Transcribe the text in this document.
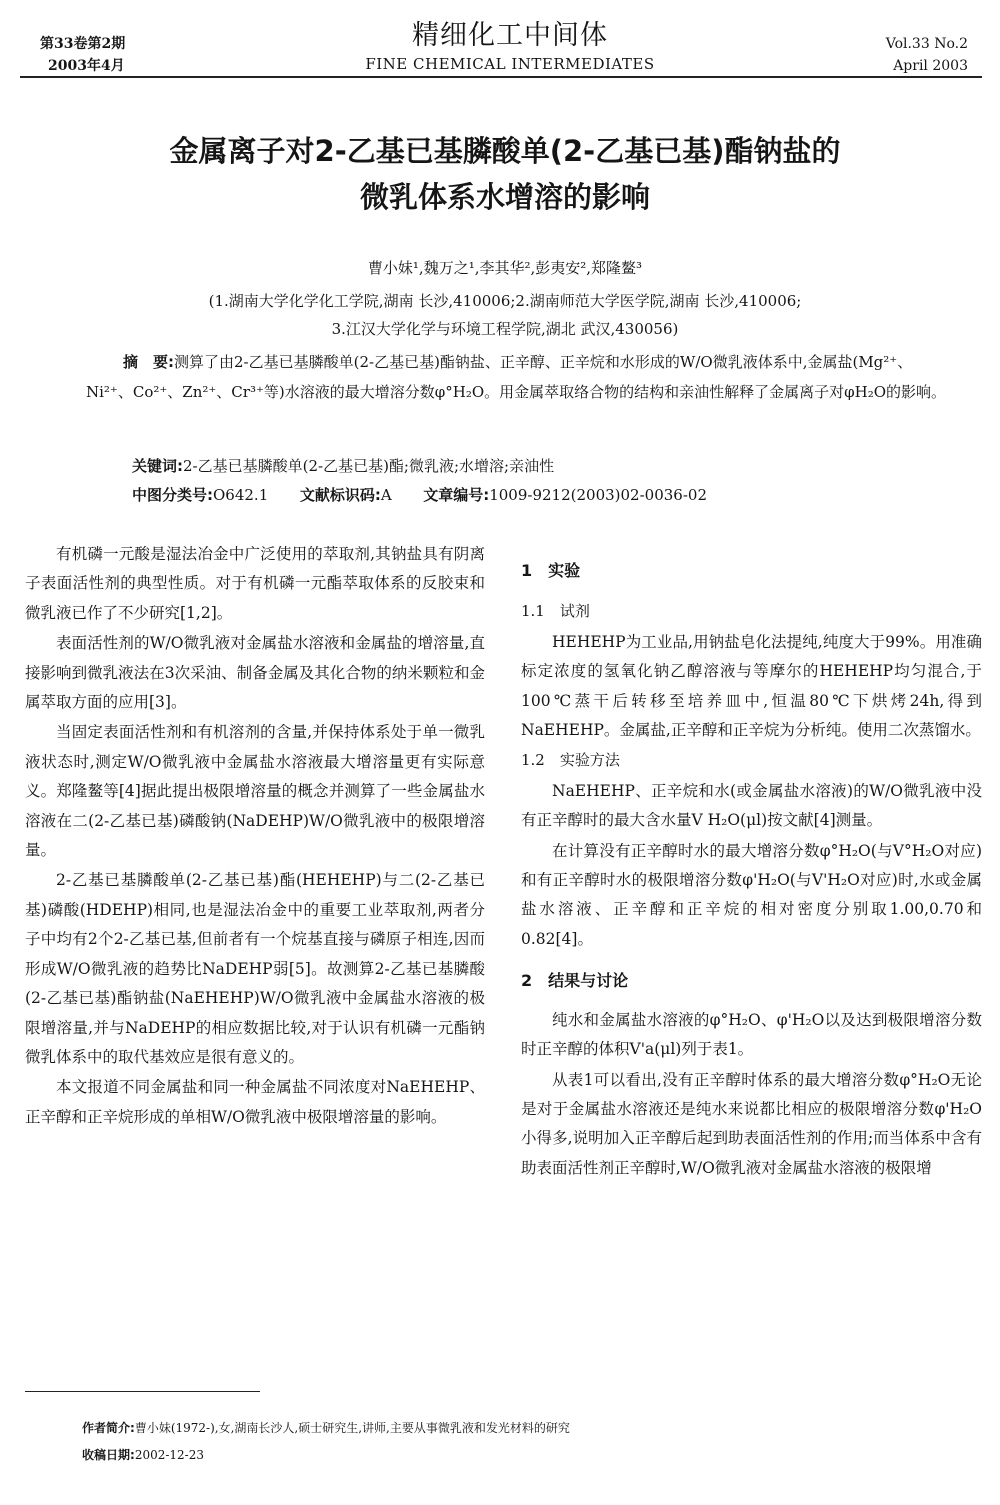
第33卷第2期
2003年4月
精细化工中间体
FINE CHEMICAL INTERMEDIATES
Vol.33 No.2
April 2003
金属离子对2-乙基已基膦酸单(2-乙基已基)酯钠盐的
微乳体系水增溶的影响
曹小妹¹,魏万之¹,李其华²,彭夷安²,郑隆鳌³
(1.湖南大学化学化工学院,湖南 长沙,410006;2.湖南师范大学医学院,湖南 长沙,410006;
3.江汉大学化学与环境工程学院,湖北 武汉,430056)
摘　要:测算了由2-乙基已基膦酸单(2-乙基已基)酯钠盐、正辛醇、正辛烷和水形成的W/O微乳液体系中,金属盐(Mg²⁺、Ni²⁺、Co²⁺、Zn²⁺、Cr³⁺等)水溶液的最大增溶分数φ°H₂O。用金属萃取络合物的结构和亲油性解释了金属离子对φH₂O的影响。
关键词:2-乙基已基膦酸单(2-乙基已基)酯;微乳液;水增溶;亲油性
中图分类号:O642.1 文献标识码:A 文章编号:1009-9212(2003)02-0036-02

有机磷一元酸是湿法冶金中广泛使用的萃取剂,其钠盐具有阴离子表面活性剂的典型性质。对于有机磷一元酯萃取体系的反胶束和微乳液已作了不少研究[1,2]。

表面活性剂的W/O微乳液对金属盐水溶液和金属盐的增溶量,直接影响到微乳液法在3次采油、制备金属及其化合物的纳米颗粒和金属萃取方面的应用[3]。

当固定表面活性剂和有机溶剂的含量,并保持体系处于单一微乳液状态时,测定W/O微乳液中金属盐水溶液最大增溶量更有实际意义。郑隆鳌等[4]据此提出极限增溶量的概念并测算了一些金属盐水溶液在二(2-乙基已基)磷酸钠(NaDEHP)W/O微乳液中的极限增溶量。

2-乙基已基膦酸单(2-乙基已基)酯(HEHEHP)与二(2-乙基已基)磷酸(HDEHP)相同,也是湿法冶金中的重要工业萃取剂,两者分子中均有2个2-乙基已基,但前者有一个烷基直接与磷原子相连,因而形成W/O微乳液的趋势比NaDEHP弱[5]。故测算2-乙基已基膦酸(2-乙基已基)酯钠盐(NaEHEHP)W/O微乳液中金属盐水溶液的极限增溶量,并与NaDEHP的相应数据比较,对于认识有机磷一元酯钠微乳体系中的取代基效应是很有意义的。

本文报道不同金属盐和同一种金属盐不同浓度对NaEHEHP、正辛醇和正辛烷形成的单相W/O微乳液中极限增溶量的影响。

1　实验

1.1　试剂

HEHEHP为工业品,用钠盐皂化法提纯,纯度大于99%。用准确标定浓度的氢氧化钠乙醇溶液与等摩尔的HEHEHP均匀混合,于100℃蒸干后转移至培养皿中,恒温80℃下烘烤24h,得到NaEHEHP。金属盐,正辛醇和正辛烷为分析纯。使用二次蒸馏水。

1.2　实验方法

NaEHEHP、正辛烷和水(或金属盐水溶液)的W/O微乳液中没有正辛醇时的最大含水量V H₂O(μl)按文献[4]测量。

在计算没有正辛醇时水的最大增溶分数φ°H₂O(与V°H₂O对应)和有正辛醇时水的极限增溶分数φ'H₂O(与V'H₂O对应)时,水或金属盐水溶液、正辛醇和正辛烷的相对密度分别取1.00,0.70和0.82[4]。

2　结果与讨论

纯水和金属盐水溶液的φ°H₂O、φ'H₂O以及达到极限增溶分数时正辛醇的体积V'a(μl)列于表1。

从表1可以看出,没有正辛醇时体系的最大增溶分数φ°H₂O无论是对于金属盐水溶液还是纯水来说都比相应的极限增溶分数φ'H₂O小得多,说明加入正辛醇后起到助表面活性剂的作用;而当体系中含有助表面活性剂正辛醇时,W/O微乳液对金属盐水溶液的极限增

作者简介:曹小妹(1972-),女,湖南长沙人,硕士研究生,讲师,主要从事微乳液和发光材料的研究
收稿日期:2002-12-23
